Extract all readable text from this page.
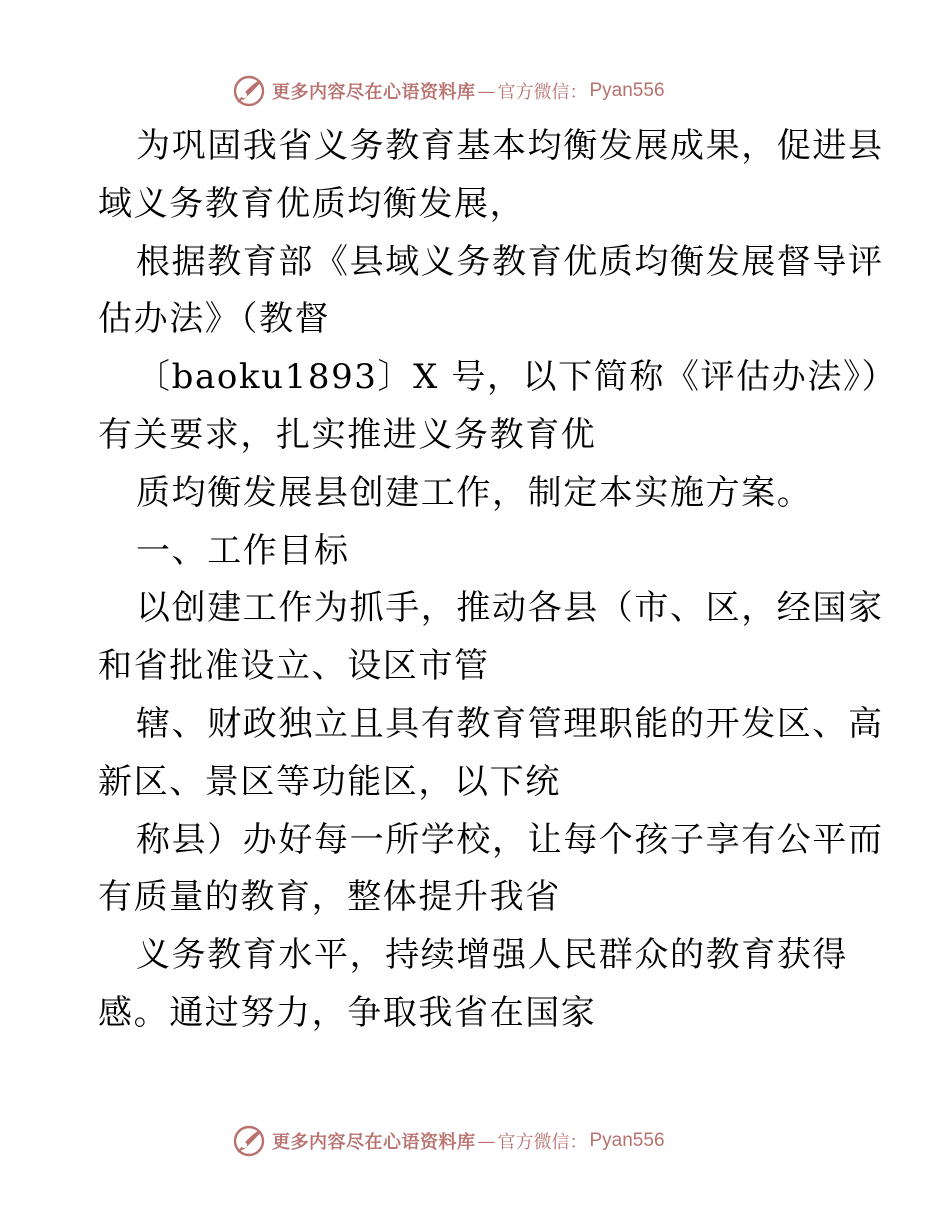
更多内容尽在心语资料库 — 官方微信： Pyan556
为巩固我省义务教育基本均衡发展成果，促进县
域义务教育优质均衡发展，
根据教育部《县域义务教育优质均衡发展督导评
估办法》（教督
〔baoku1893〕X 号，以下简称《评估办法》）
有关要求，扎实推进义务教育优
质均衡发展县创建工作，制定本实施方案。
一、工作目标
以创建工作为抓手，推动各县（市、区，经国家
和省批准设立、设区市管
辖、财政独立且具有教育管理职能的开发区、高
新区、景区等功能区，以下统
称县）办好每一所学校，让每个孩子享有公平而
有质量的教育，整体提升我省
义务教育水平，持续增强人民群众的教育获得
感。通过努力，争取我省在国家
更多内容尽在心语资料库 — 官方微信： Pyan556
